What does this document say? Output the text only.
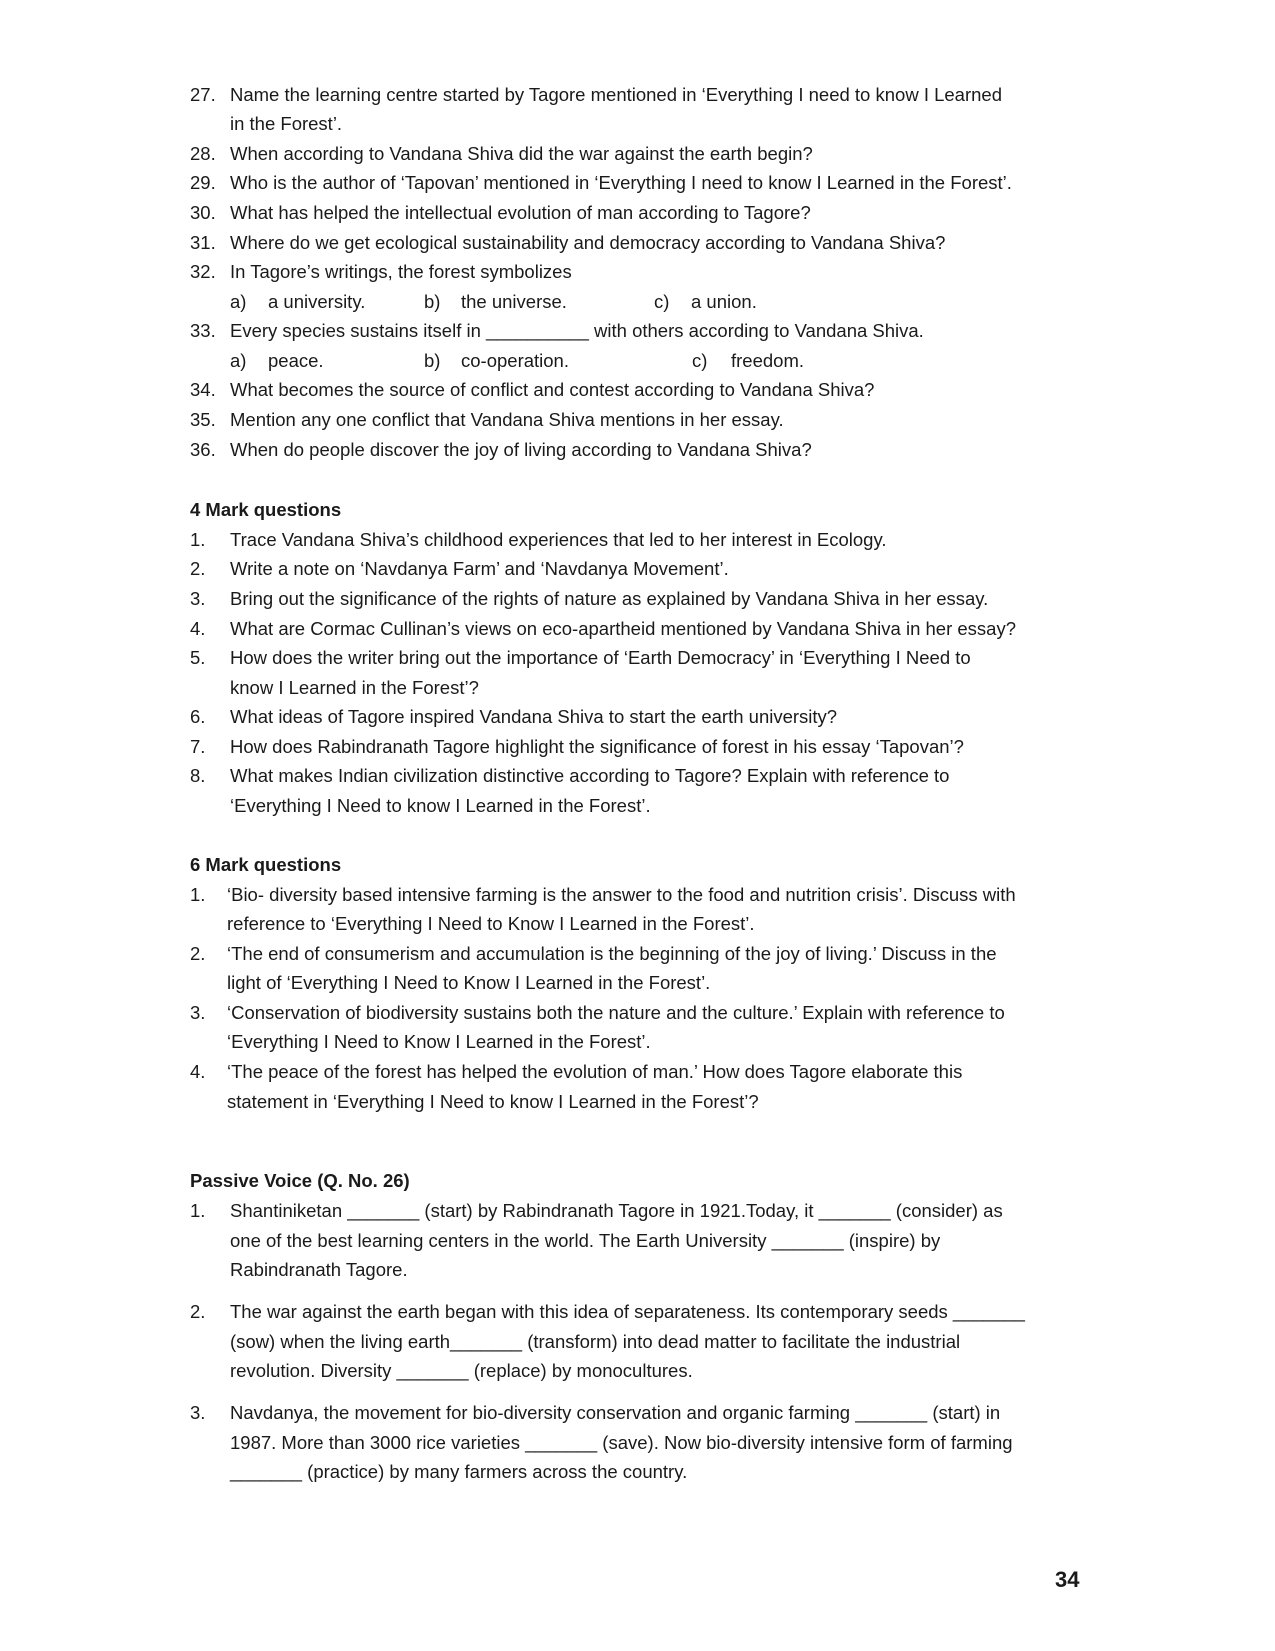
27. Name the learning centre started by Tagore mentioned in ‘Everything I need to know I Learned
in the Forest’.
28. When according to Vandana Shiva did the war against the earth begin?
29. Who is the author of ‘Tapovan’ mentioned in ‘Everything I need to know I Learned in the Forest’.
30. What has helped the intellectual evolution of man according to Tagore?
31. Where do we get ecological sustainability and democracy according to Vandana Shiva?
32. In Tagore’s writings, the forest symbolizes
a) a university.	b) the universe.	c) a union.
33. Every species sustains itself in __________ with others according to Vandana Shiva.
a) peace.	b) co-operation.	c) freedom.
34. What becomes the source of conflict and contest according to Vandana Shiva?
35. Mention any one conflict that Vandana Shiva mentions in her essay.
36. When do people discover the joy of living according to Vandana Shiva?
4 Mark questions
1. Trace Vandana Shiva’s childhood experiences that led to her interest in Ecology.
2. Write a note on ‘Navdanya Farm’ and ‘Navdanya Movement’.
3. Bring out the significance of the rights of nature as explained by Vandana Shiva in her essay.
4. What are Cormac Cullinan’s views on eco-apartheid mentioned by Vandana Shiva in her essay?
5. How does the writer bring out the importance of ‘Earth Democracy’ in ‘Everything I Need to
know I Learned in the Forest’?
6. What ideas of Tagore inspired Vandana Shiva to start the earth university?
7. How does Rabindranath Tagore highlight the significance of forest in his essay ‘Tapovan’?
8. What makes Indian civilization distinctive according to Tagore? Explain with reference to
‘Everything I Need to know I Learned in the Forest’.
6 Mark questions
1. ‘Bio- diversity based intensive farming is the answer to the food and nutrition crisis’. Discuss with
reference to ‘Everything I Need to Know I Learned in the Forest’.
2. ‘The end of consumerism and accumulation is the beginning of the joy of living.’ Discuss in the
light of ‘Everything I Need to Know I Learned in the Forest’.
3. ‘Conservation of biodiversity sustains both the nature and the culture.’ Explain with reference to
‘Everything I Need to Know I Learned in the Forest’.
4. ‘The peace of the forest has helped the evolution of man.’ How does Tagore elaborate this
statement in ‘Everything I Need to know I Learned in the Forest’?
Passive Voice (Q. No. 26)
1. Shantiniketan _______ (start) by Rabindranath Tagore in 1921.Today, it _______ (consider) as
one of the best learning centers in the world. The Earth University _______ (inspire) by
Rabindranath Tagore.
2. The war against the earth began with this idea of separateness. Its contemporary seeds _______
(sow) when the living earth_______ (transform) into dead matter to facilitate the industrial
revolution. Diversity _______ (replace) by monocultures.
3. Navdanya, the movement for bio-diversity conservation and organic farming _______ (start) in
1987. More than 3000 rice varieties _______ (save). Now bio-diversity intensive form of farming
_______ (practice) by many farmers across the country.
34
